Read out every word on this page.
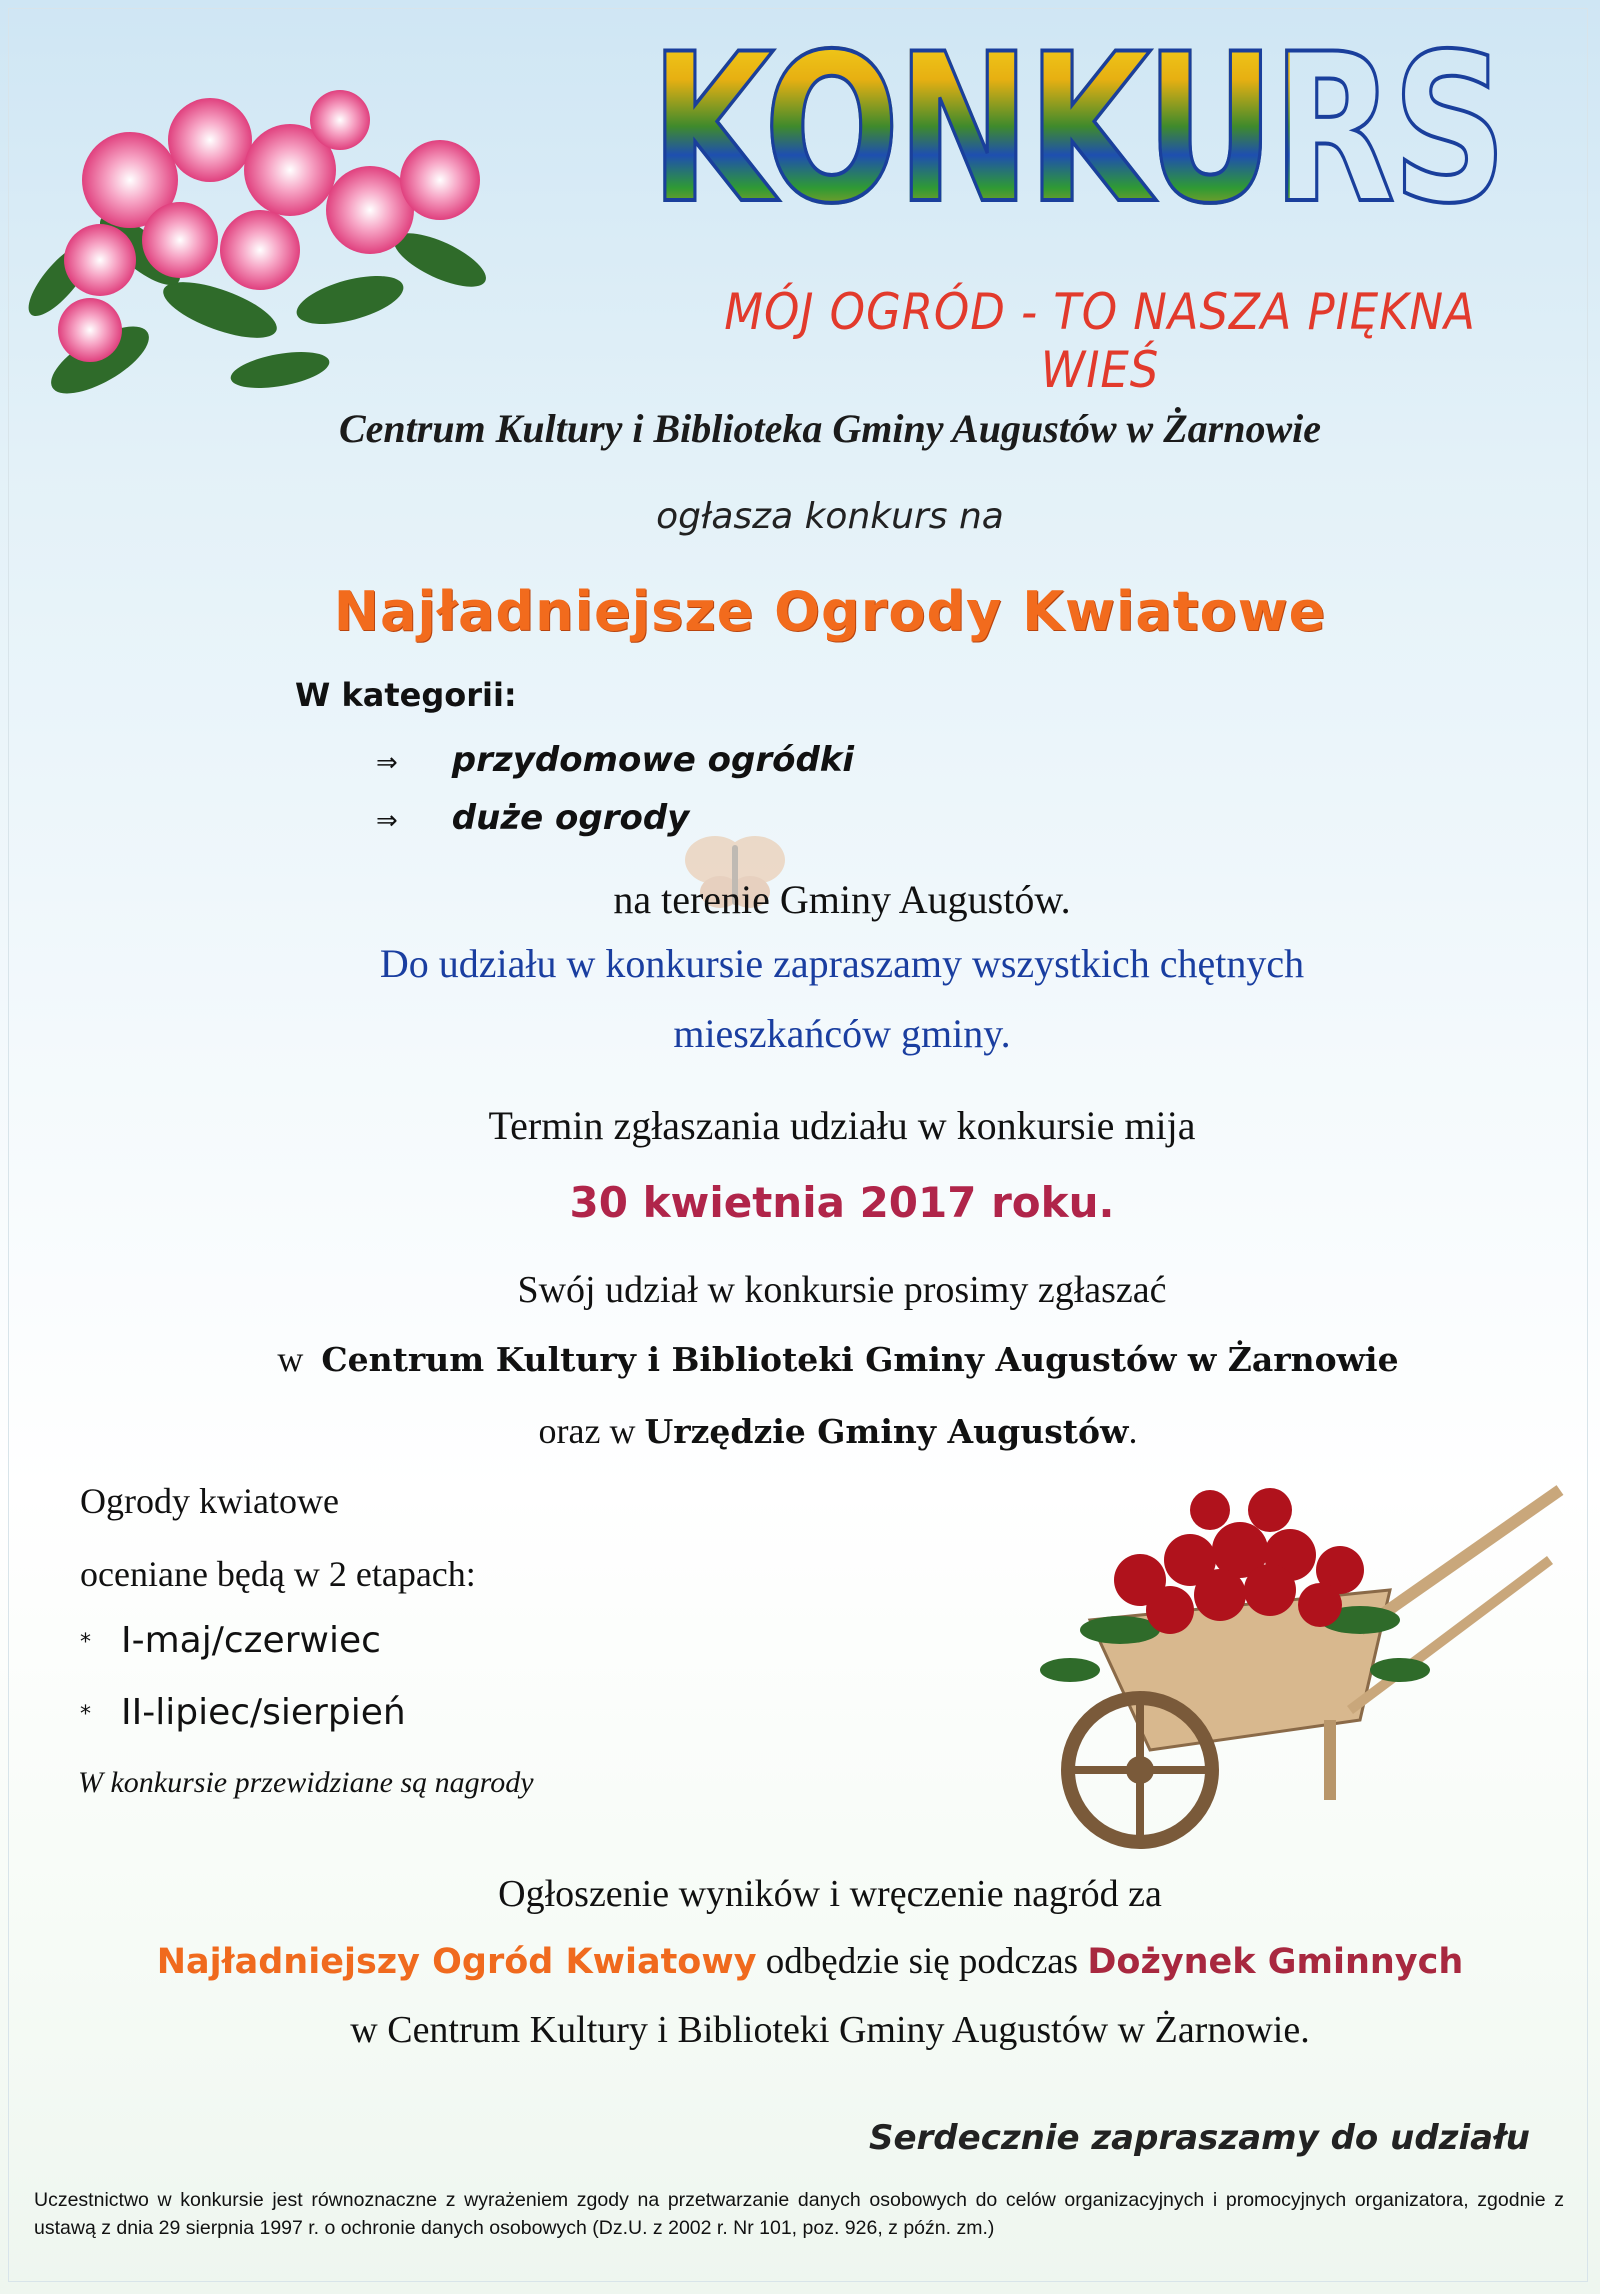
KONKURS
MÓJ OGRÓD - TO NASZA PIĘKNA WIEŚ
Centrum Kultury i Biblioteka Gminy Augustów w Żarnowie
ogłasza konkurs na
Najładniejsze Ogrody Kwiatowe
W kategorii:
⇒ przydomowe ogródki
⇒ duże ogrody
na terenie Gminy Augustów.
Do udziału w konkursie zapraszamy wszystkich chętnych
mieszkańców gminy.
Termin zgłaszania udziału w konkursie mija
30 kwietnia 2017 roku.
Swój udział w konkursie prosimy zgłaszać
w Centrum Kultury i Biblioteki Gminy Augustów w Żarnowie
oraz w Urzędzie Gminy Augustów.
Ogrody kwiatowe
oceniane będą w 2 etapach:
* I-maj/czerwiec
* II-lipiec/sierpień
W konkursie przewidziane są nagrody
Ogłoszenie wyników i wręczenie nagród za
Najładniejszy Ogród Kwiatowy odbędzie się podczas Dożynek Gminnych
w Centrum Kultury i Biblioteki Gminy Augustów w Żarnowie.
Serdecznie zapraszamy do udziału
Uczestnictwo w konkursie jest równoznaczne z wyrażeniem zgody na przetwarzanie danych osobowych do celów organizacyjnych i promocyjnych organizatora, zgodnie z ustawą z dnia 29 sierpnia 1997 r. o ochronie danych osobowych (Dz.U. z 2002 r. Nr 101, poz. 926, z późn. zm.)
